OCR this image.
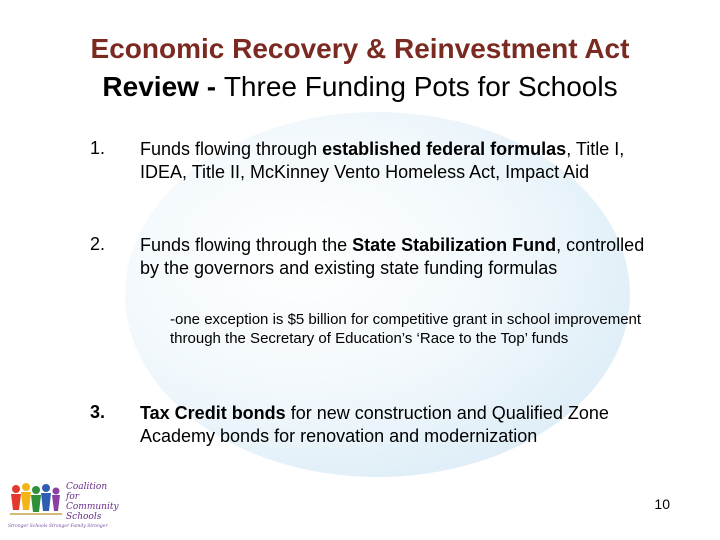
Economic Recovery & Reinvestment Act
Review - Three Funding Pots for Schools
1. Funds flowing through established federal formulas, Title I, IDEA, Title II, McKinney Vento Homeless Act, Impact Aid
2. Funds flowing through the State Stabilization Fund, controlled by the governors and existing state funding formulas
-one exception is $5 billion for competitive grant in school improvement through the Secretary of Education’s ‘Race to the Top’ funds
3. Tax Credit bonds for new construction and Qualified Zone Academy bonds for renovation and modernization
10
Coalition
for
Community
Schools
Stronger Schools Stronger Family Stronger
